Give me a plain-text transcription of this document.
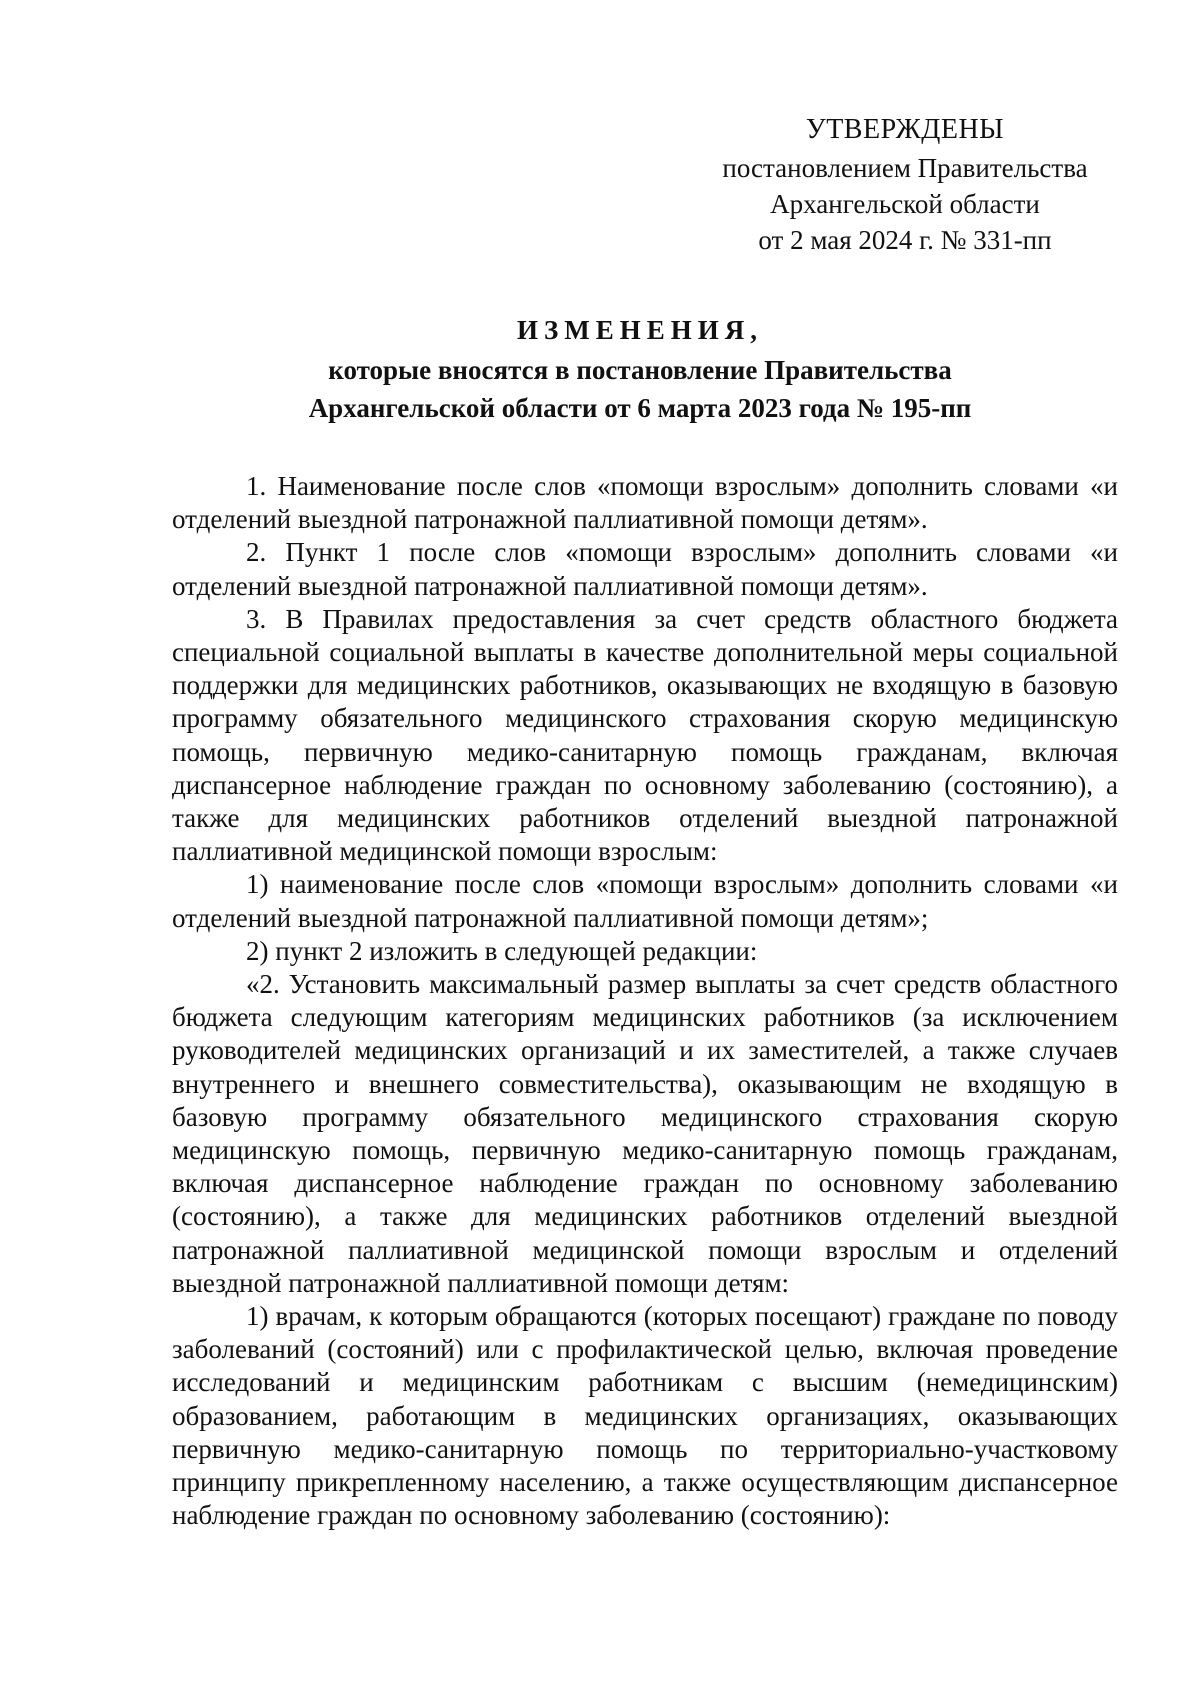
УТВЕРЖДЕНЫ
постановлением Правительства
Архангельской области
от 2 мая 2024 г. № 331-пп
ИЗМЕНЕНИЯ,
которые вносятся в постановление Правительства
Архангельской области от 6 марта 2023 года № 195-пп

1. Наименование после слов «помощи взрослым» дополнить словами «и отделений выездной патронажной паллиативной помощи детям».

2. Пункт 1 после слов «помощи взрослым» дополнить словами «и отделений выездной патронажной паллиативной помощи детям».

3. В Правилах предоставления за счет средств областного бюджета специальной социальной выплаты в качестве дополнительной меры социальной поддержки для медицинских работников, оказывающих не входящую в базовую программу обязательного медицинского страхования скорую медицинскую помощь, первичную медико-санитарную помощь гражданам, включая диспансерное наблюдение граждан по основному заболеванию (состоянию), а также для медицинских работников отделений выездной патронажной паллиативной медицинской помощи взрослым:

1) наименование после слов «помощи взрослым» дополнить словами «и отделений выездной патронажной паллиативной помощи детям»;

2) пункт 2 изложить в следующей редакции:

«2. Установить максимальный размер выплаты за счет средств областного бюджета следующим категориям медицинских работников (за исключением руководителей медицинских организаций и их заместителей, а также случаев внутреннего и внешнего совместительства), оказывающим не входящую в базовую программу обязательного медицинского страхования скорую медицинскую помощь, первичную медико-санитарную помощь гражданам, включая диспансерное наблюдение граждан по основному заболеванию (состоянию), а также для медицинских работников отделений выездной патронажной паллиативной медицинской помощи взрослым и отделений выездной патронажной паллиативной помощи детям:

1) врачам, к которым обращаются (которых посещают) граждане по поводу заболеваний (состояний) или с профилактической целью, включая проведение исследований и медицинским работникам с высшим (немедицинским) образованием, работающим в медицинских организациях, оказывающих первичную медико-санитарную помощь по территориально-участковому принципу прикрепленному населению, а также осуществляющим диспансерное наблюдение граждан по основному заболеванию (состоянию):
